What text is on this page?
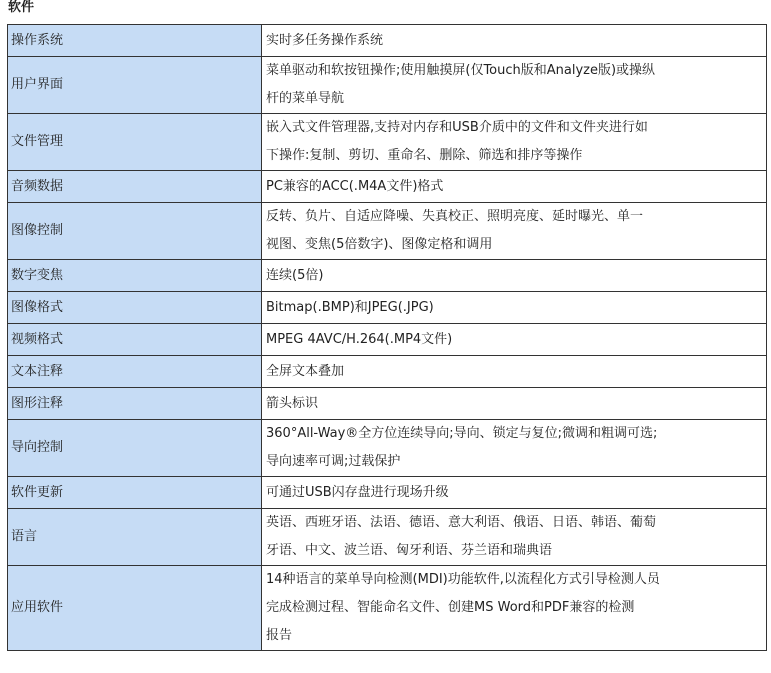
软件
操作系统	实时多任务操作系统

用户界面	菜单驱动和软按钮操作;使用触摸屏(仅Touch版和Analyze版)或操纵
杆的菜单导航

文件管理	嵌入式文件管理器,支持对内存和USB介质中的文件和文件夹进行如
下操作:复制、剪切、重命名、删除、筛选和排序等操作

音频数据	PC兼容的ACC(.M4A文件)格式

图像控制	反转、负片、自适应降噪、失真校正、照明亮度、延时曝光、单一
视图、变焦(5倍数字)、图像定格和调用

数字变焦	连续(5倍)

图像格式	Bitmap(.BMP)和JPEG(.JPG)

视频格式	MPEG 4AVC/H.264(.MP4文件)

文本注释	全屏文本叠加

图形注释	箭头标识

导向控制	360°All-Way®全方位连续导向;导向、锁定与复位;微调和粗调可选;
导向速率可调;过载保护

软件更新	可通过USB闪存盘进行现场升级

语言	英语、西班牙语、法语、德语、意大利语、俄语、日语、韩语、葡萄
牙语、中文、波兰语、匈牙利语、芬兰语和瑞典语

应用软件	14种语言的菜单导向检测(MDI)功能软件,以流程化方式引导检测人员
完成检测过程、智能命名文件、创建MS Word和PDF兼容的检测
报告
